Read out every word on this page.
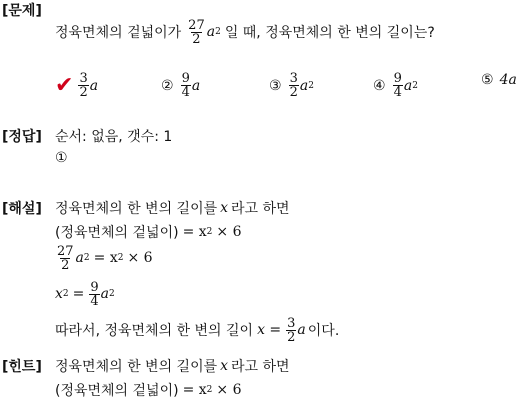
[문제]
[정답]
[해설]
[힌트]
정육면체의 겉넓이가 $\frac{27}{2}$ a 2 일 때, 정육면체의 한 변의 길이는?
✔ $\frac{3}{2}$ a	② $\frac{9}{4}$ a	③ $\frac{3}{2}$ a 2	④ $\frac{9}{4}$ a 2	⑤ 4a
순서: 없음, 갯수: 1
①
정육면체의 한 변의 길이를 x 라고 하면
(정육면체의 겉넓이) = x 2 × 6
$\frac{27}{2}$ a 2 = x 2 × 6
x $2 = \frac{9}{4}$ a 2
따라서, 정육면체의 한 변의 길이 $x = \frac{3}{2}$ a 이다.
정육면체의 한 변의 길이를 x 라고 하면
(정육면체의 겉넓이) = x 2 × 6
